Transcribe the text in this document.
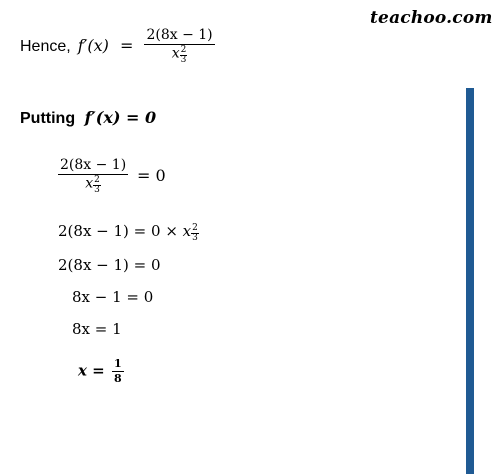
teachoo.com
Hence, $f'(x) = \frac{2(8x - 1)}{x \frac{2}{3}}$
Putting f′(x) = 0
$\frac{2(8x - 1)}{x \frac{2}{3}} = 0$
2(8x − 1) = 0 × x $\frac{2}{3}$
2(8x − 1) = 0
8x − 1 = 0
8x = 1
$x = \frac{1}{8}$
